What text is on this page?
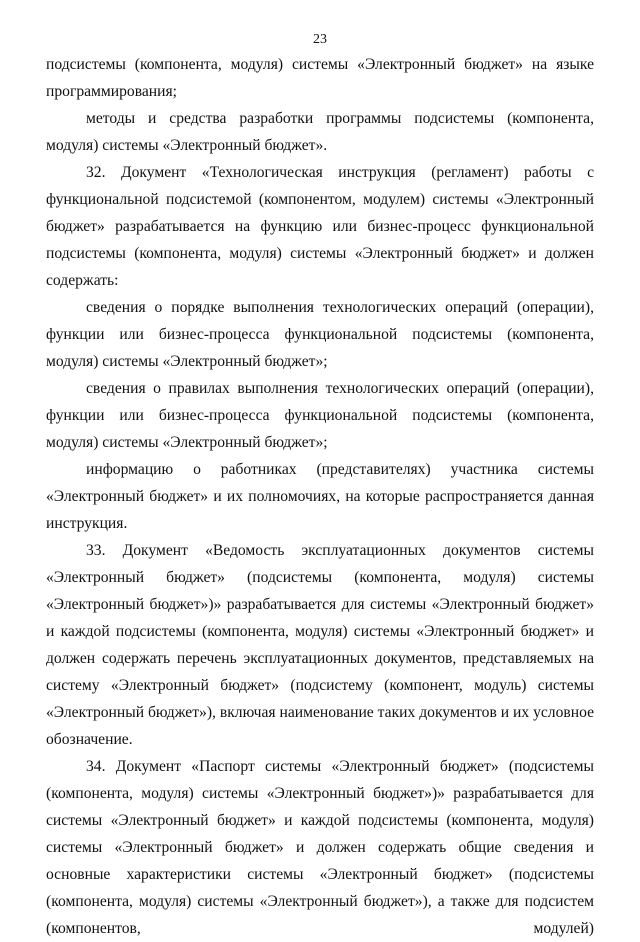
23

подсистемы (компонента, модуля) системы «Электронный бюджет» на языке программирования;

методы и средства разработки программы подсистемы (компонента, модуля) системы «Электронный бюджет».

32. Документ «Технологическая инструкция (регламент) работы с функциональной подсистемой (компонентом, модулем) системы «Электронный бюджет» разрабатывается на функцию или бизнес-процесс функциональной подсистемы (компонента, модуля) системы «Электронный бюджет» и должен содержать:

сведения о порядке выполнения технологических операций (операции), функции или бизнес-процесса функциональной подсистемы (компонента, модуля) системы «Электронный бюджет»;

сведения о правилах выполнения технологических операций (операции), функции или бизнес-процесса функциональной подсистемы (компонента, модуля) системы «Электронный бюджет»;

информацию о работниках (представителях) участника системы «Электронный бюджет» и их полномочиях, на которые распространяется данная инструкция.

33. Документ «Ведомость эксплуатационных документов системы «Электронный бюджет» (подсистемы (компонента, модуля) системы «Электронный бюджет»)» разрабатывается для системы «Электронный бюджет» и каждой подсистемы (компонента, модуля) системы «Электронный бюджет» и должен содержать перечень эксплуатационных документов, представляемых на систему «Электронный бюджет» (подсистему (компонент, модуль) системы «Электронный бюджет»), включая наименование таких документов и их условное обозначение.

34. Документ «Паспорт системы «Электронный бюджет» (подсистемы (компонента, модуля) системы «Электронный бюджет»)» разрабатывается для системы «Электронный бюджет» и каждой подсистемы (компонента, модуля) системы «Электронный бюджет» и должен содержать общие сведения и основные характеристики системы «Электронный бюджет» (подсистемы (компонента, модуля) системы «Электронный бюджет»), а также для подсистем (компонентов, модулей)
